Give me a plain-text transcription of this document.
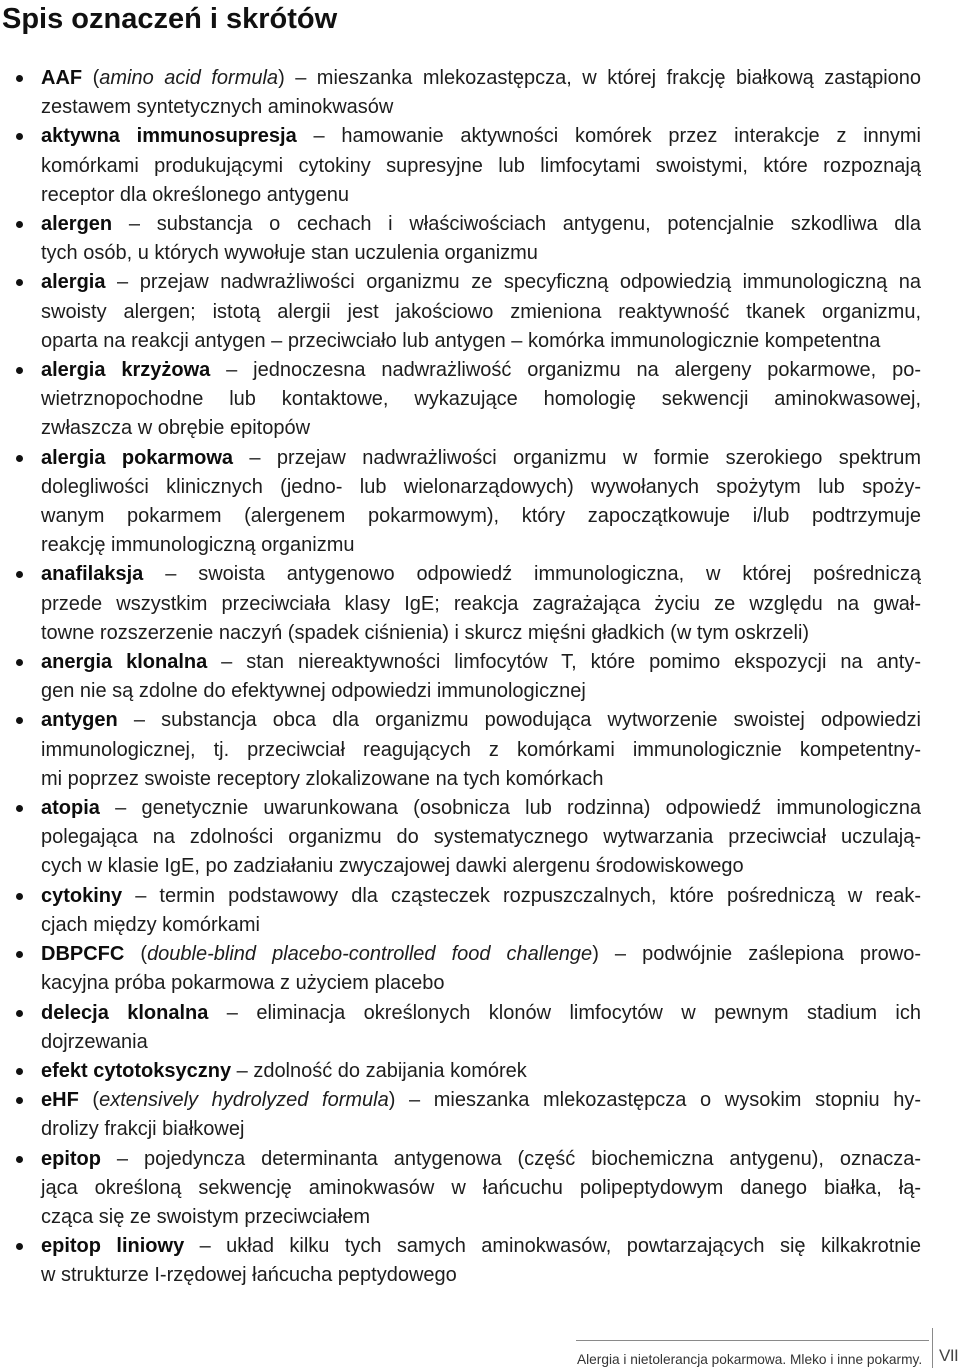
Spis oznaczeń i skrótów
AAF (amino acid formula) – mieszanka mlekozastępcza, w której frakcję białkową zastąpiono
zestawem syntetycznych aminokwasów
aktywna immunosupresja – hamowanie aktywności komórek przez interakcje z innymi
komórkami produkującymi cytokiny supresyjne lub limfocytami swoistymi, które rozpoznają
receptor dla określonego antygenu
alergen – substancja o cechach i właściwościach antygenu, potencjalnie szkodliwa dla
tych osób, u których wywołuje stan uczulenia organizmu
alergia – przejaw nadwrażliwości organizmu ze specyficzną odpowiedzią immunologiczną na
swoisty alergen; istotą alergii jest jakościowo zmieniona reaktywność tkanek organizmu,
oparta na reakcji antygen – przeciwciało lub antygen – komórka immunologicznie kompetentna
alergia krzyżowa – jednoczesna nadwrażliwość organizmu na alergeny pokarmowe, po-
wietrznopochodne lub kontaktowe, wykazujące homologię sekwencji aminokwasowej,
zwłaszcza w obrębie epitopów
alergia pokarmowa – przejaw nadwrażliwości organizmu w formie szerokiego spektrum
dolegliwości klinicznych (jedno- lub wielonarządowych) wywołanych spożytym lub spoży-
wanym pokarmem (alergenem pokarmowym), który zapoczątkowuje i/lub podtrzymuje
reakcję immunologiczną organizmu
anafilaksja – swoista antygenowo odpowiedź immunologiczna, w której pośredniczą
przede wszystkim przeciwciała klasy IgE; reakcja zagrażająca życiu ze względu na gwał-
towne rozszerzenie naczyń (spadek ciśnienia) i skurcz mięśni gładkich (w tym oskrzeli)
anergia klonalna – stan niereaktywności limfocytów T, które pomimo ekspozycji na anty-
gen nie są zdolne do efektywnej odpowiedzi immunologicznej
antygen – substancja obca dla organizmu powodująca wytworzenie swoistej odpowiedzi
immunologicznej, tj. przeciwciał reagujących z komórkami immunologicznie kompetentny-
mi poprzez swoiste receptory zlokalizowane na tych komórkach
atopia – genetycznie uwarunkowana (osobnicza lub rodzinna) odpowiedź immunologiczna
polegająca na zdolności organizmu do systematycznego wytwarzania przeciwciał uczulają-
cych w klasie IgE, po zadziałaniu zwyczajowej dawki alergenu środowiskowego
cytokiny – termin podstawowy dla cząsteczek rozpuszczalnych, które pośredniczą w reak-
cjach między komórkami
DBPCFC (double-blind placebo-controlled food challenge) – podwójnie zaślepiona prowo-
kacyjna próba pokarmowa z użyciem placebo
delecja klonalna – eliminacja określonych klonów limfocytów w pewnym stadium ich
dojrzewania
efekt cytotoksyczny – zdolność do zabijania komórek
eHF (extensively hydrolyzed formula) – mieszanka mlekozastępcza o wysokim stopniu hy-
drolizy frakcji białkowej
epitop – pojedyncza determinanta antygenowa (część biochemiczna antygenu), oznacza-
jąca określoną sekwencję aminokwasów w łańcuchu polipeptydowym danego białka, łą-
cząca się ze swoistym przeciwciałem
epitop liniowy – układ kilku tych samych aminokwasów, powtarzających się kilkakrotnie
w strukturze I-rzędowej łańcucha peptydowego
Alergia i nietolerancja pokarmowa. Mleko i inne pokarmy. VII
